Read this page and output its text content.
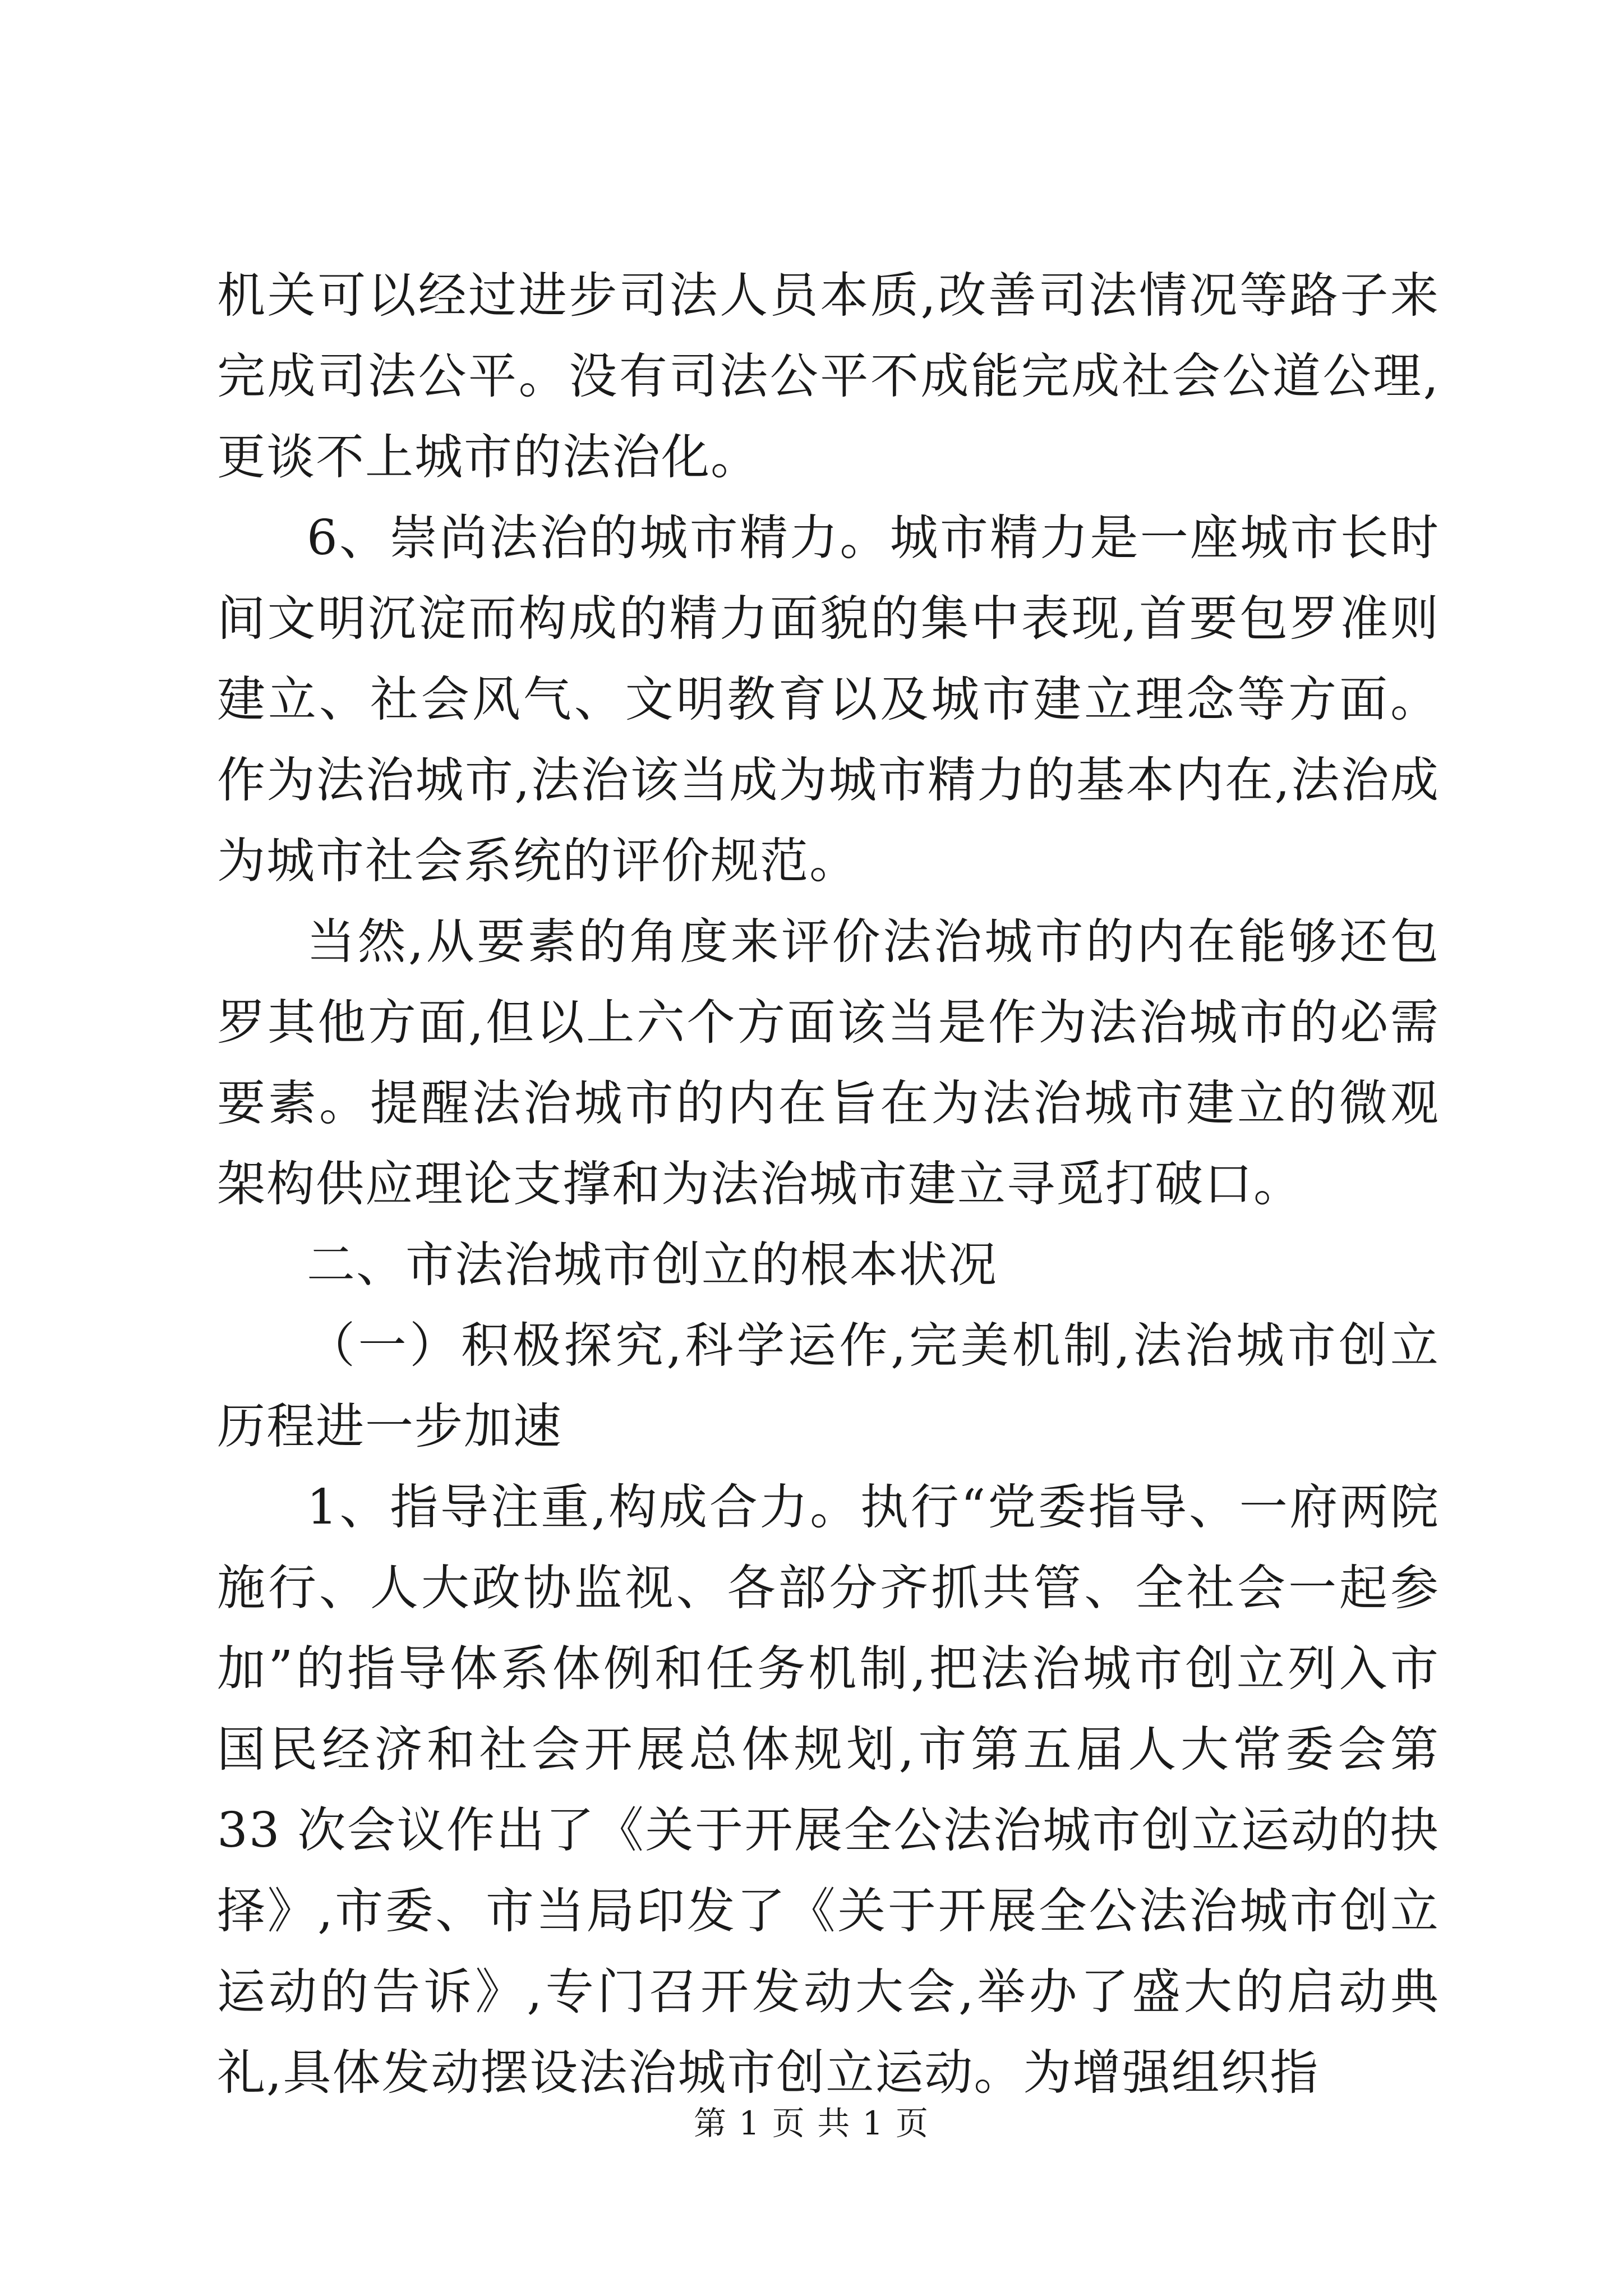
机关可以经过进步司法人员本质,改善司法情况等路子来完成司法公平。没有司法公平不成能完成社会公道公理,更谈不上城市的法治化。

6、崇尚法治的城市精力。城市精力是一座城市长时间文明沉淀而构成的精力面貌的集中表现,首要包罗准则建立、社会风气、文明教育以及城市建立理念等方面。作为法治城市,法治该当成为城市精力的基本内在,法治成为城市社会系统的评价规范。

当然,从要素的角度来评价法治城市的内在能够还包罗其他方面,但以上六个方面该当是作为法治城市的必需要素。提醒法治城市的内在旨在为法治城市建立的微观架构供应理论支撑和为法治城市建立寻觅打破口。

二、市法治城市创立的根本状况

（一）积极探究,科学运作,完美机制,法治城市创立历程进一步加速

1、指导注重,构成合力。执行“党委指导、一府两院施行、人大政协监视、各部分齐抓共管、全社会一起参加”的指导体系体例和任务机制,把法治城市创立列入市国民经济和社会开展总体规划,市第五届人大常委会第 33 次会议作出了《关于开展全公法治城市创立运动的抉择》,市委、市当局印发了《关于开展全公法治城市创立运动的告诉》,专门召开发动大会,举办了盛大的启动典礼,具体发动摆设法治城市创立运动。为增强组织指

第 1 页 共 1 页
